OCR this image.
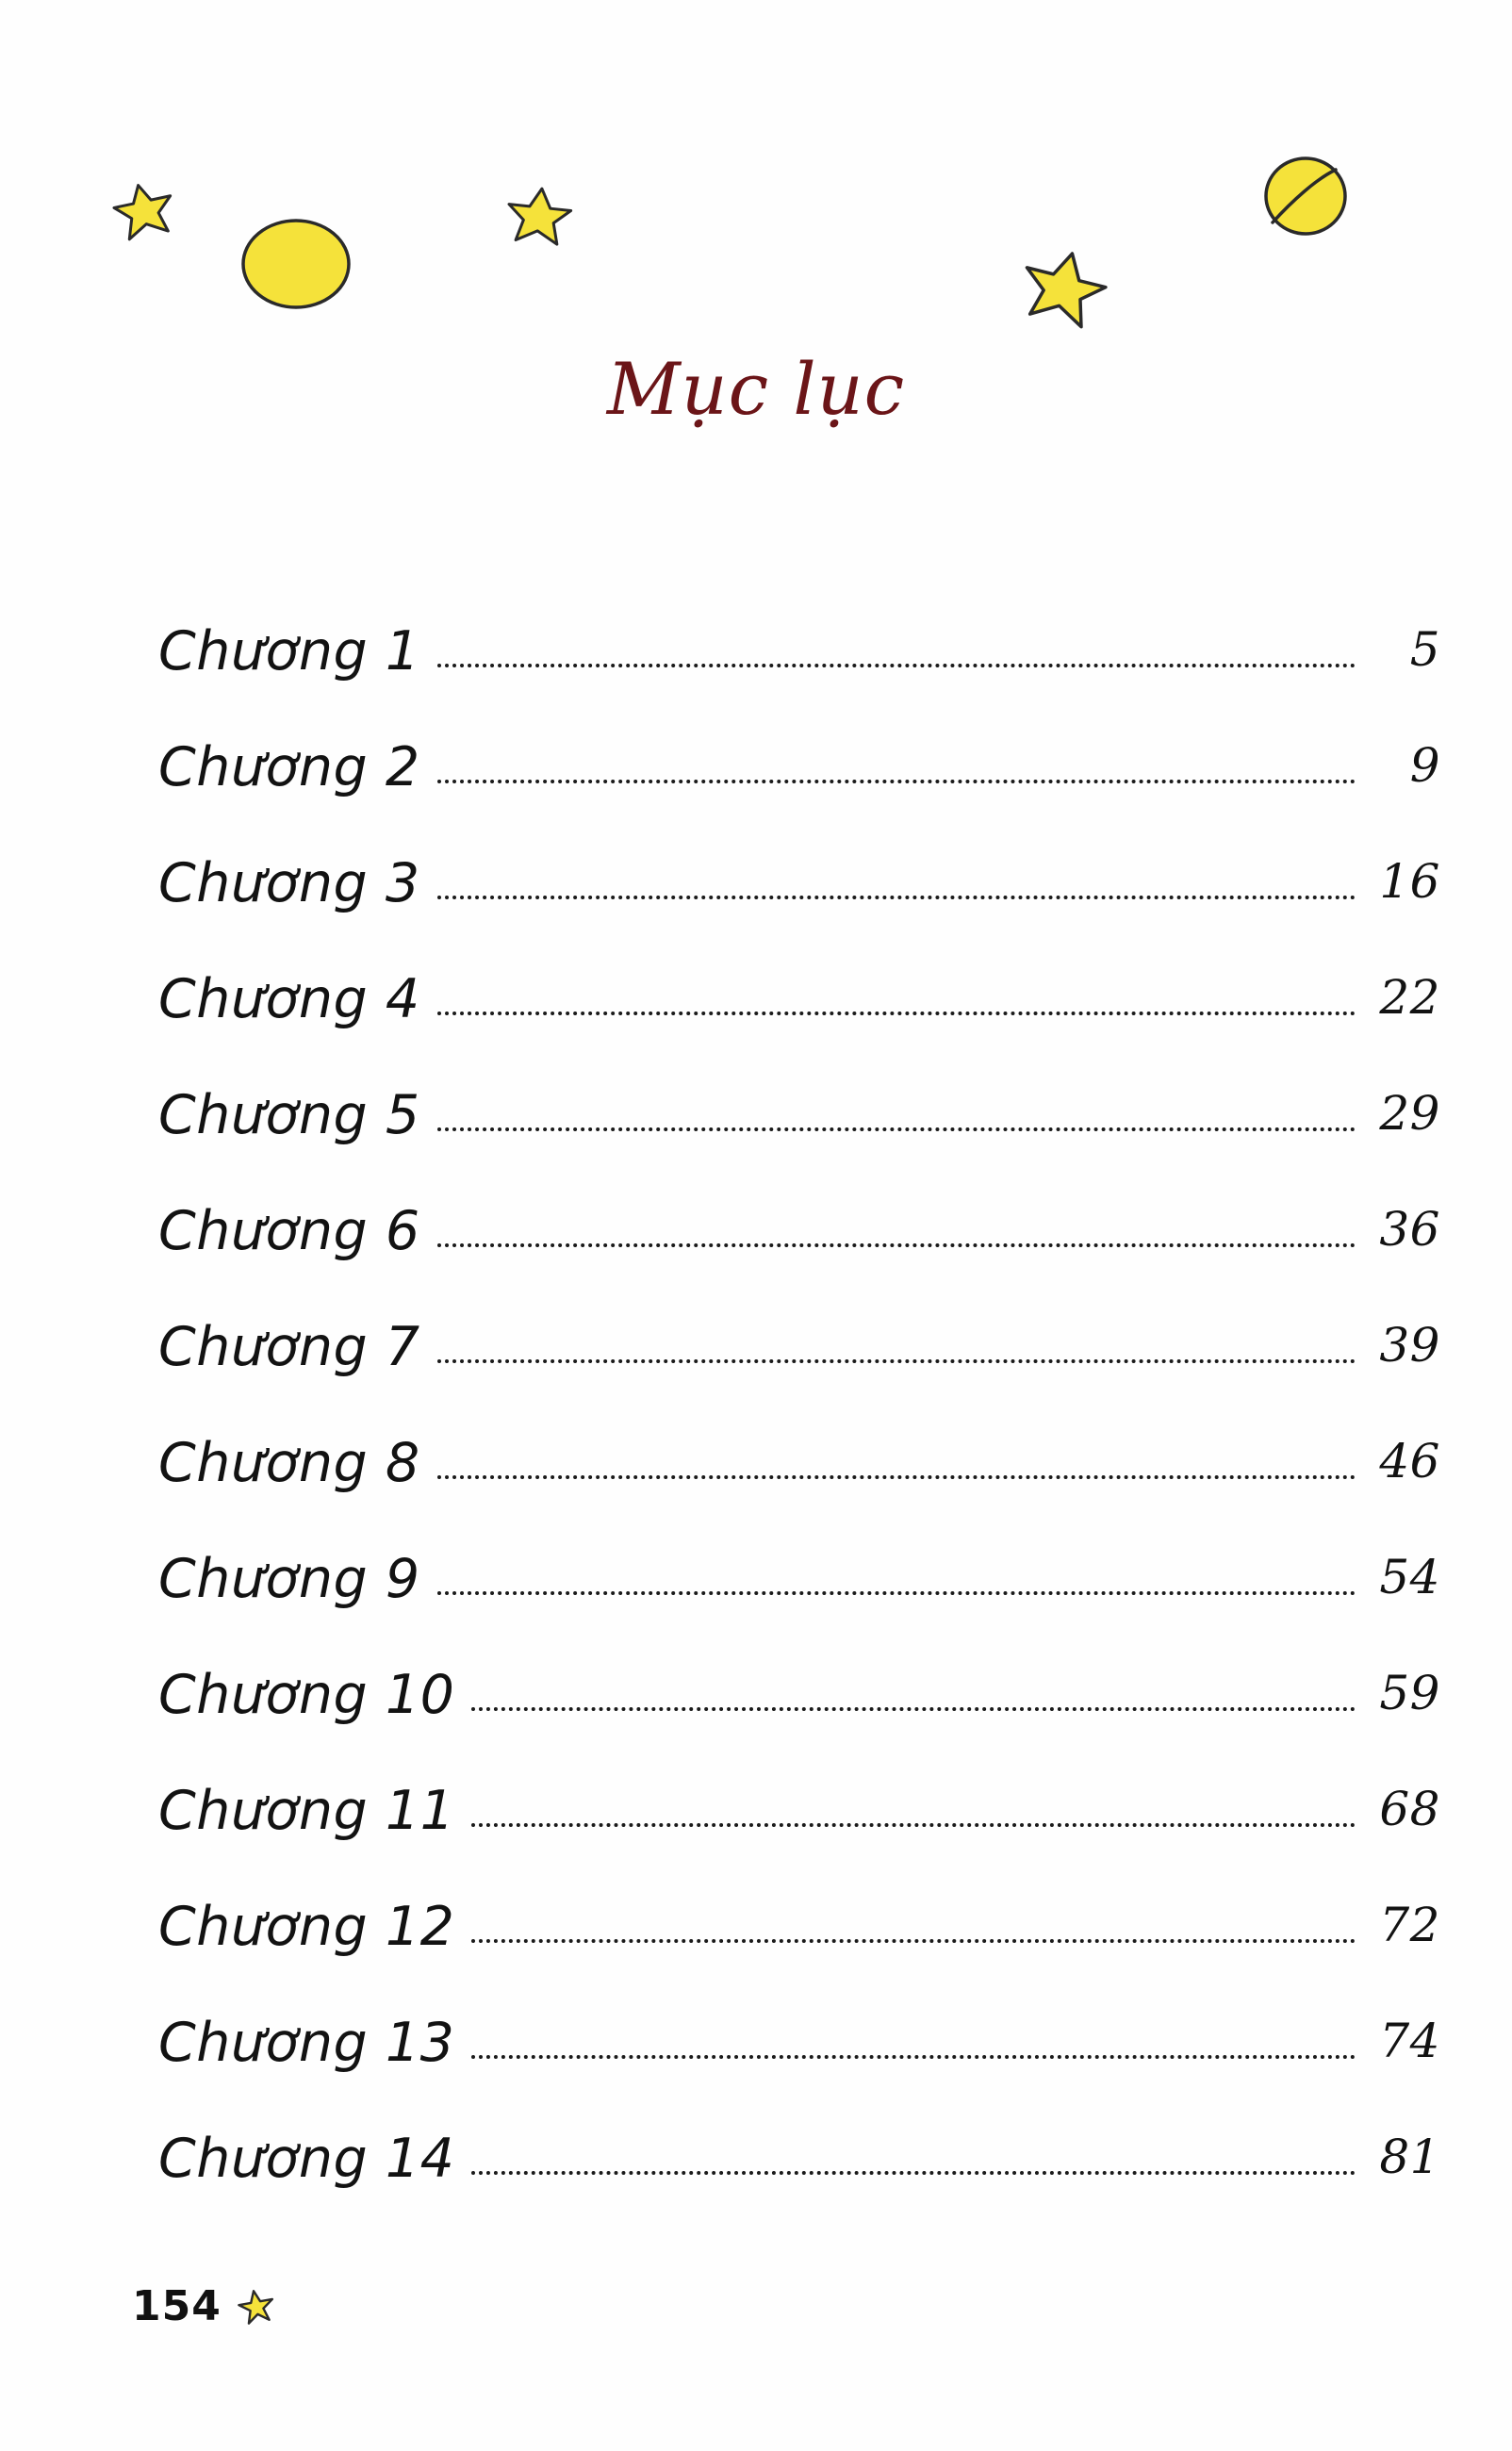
Mục lục
Chương 1	5
Chương 2	9
Chương 3	16
Chương 4	22
Chương 5	29
Chương 6	36
Chương 7	39
Chương 8	46
Chương 9	54
Chương 10	59
Chương 11	68
Chương 12	72
Chương 13	74
Chương 14	81
154
